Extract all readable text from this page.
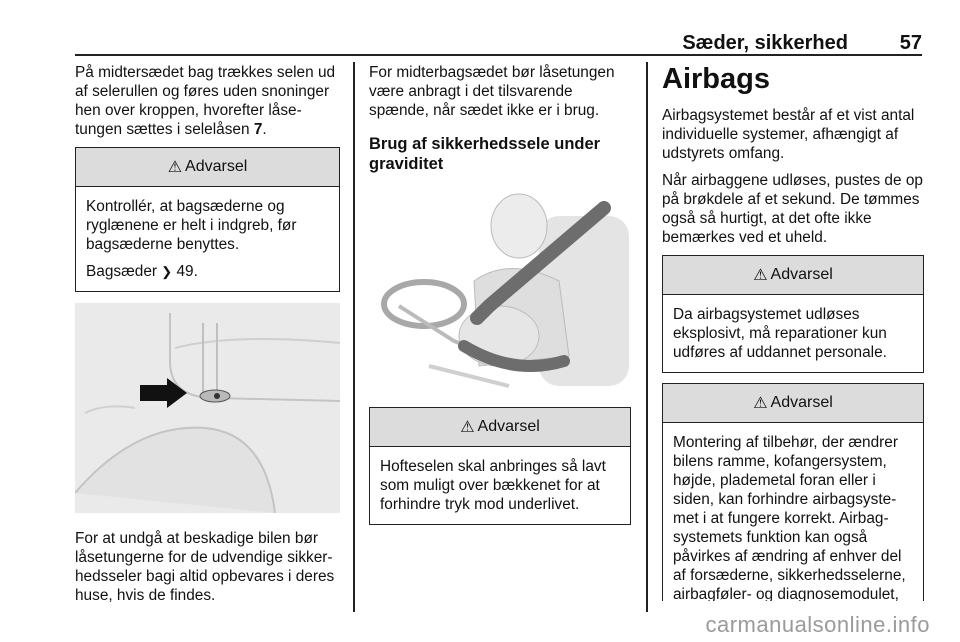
Sæder, sikkerhed	57

På midtersædet bag trækkes selen ud af selerullen og føres uden snoninger hen over kroppen, hvorefter låsetungen sættes i selelåsen 7.

⚠ Advarsel

Kontrollér, at bagsæderne og ryglænene er helt i indgreb, før bagsæderne benyttes.

Bagsæder ❯ 49.

For at undgå at beskadige bilen bør låsetungerne for de udvendige sikkerhedsseler bagi altid opbevares i deres huse, hvis de findes.

For midterbagsædet bør låsetungen være anbragt i det tilsvarende spænde, når sædet ikke er i brug.

Brug af sikkerhedssele under graviditet
⚠ Advarsel

Hofteselen skal anbringes så lavt som muligt over bækkenet for at forhindre tryk mod underlivet.

Airbags

Airbagsystemet består af et vist antal individuelle systemer, afhængigt af udstyrets omfang.

Når airbaggene udløses, pustes de op på brøkdele af et sekund. De tømmes også så hurtigt, at det ofte ikke bemærkes ved et uheld.

⚠ Advarsel

Da airbagsystemet udløses eksplosivt, må reparationer kun udføres af uddannet personale.

⚠ Advarsel

Montering af tilbehør, der ændrer bilens ramme, kofangersystem, højde, plademetal foran eller i siden, kan forhindre airbagsystemet i at fungere korrekt. Airbagsystemets funktion kan også påvirkes af ændring af enhver del af forsæderne, sikkerhedsselerne, airbagføler- og diagnosemodulet,

carmanualsonline.info
